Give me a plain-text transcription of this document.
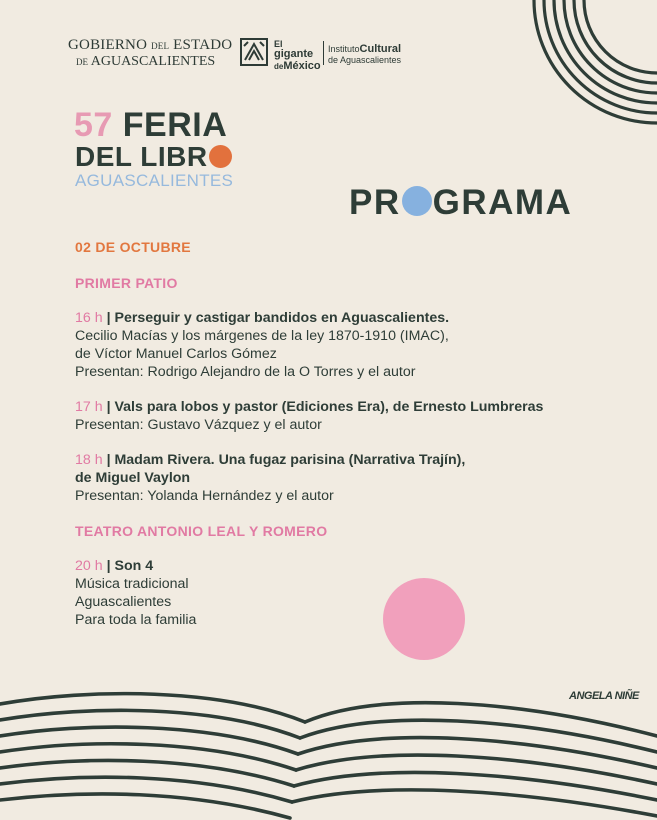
GOBIERNO DEL ESTADO
DE AGUASCALIENTES
El
gigante
deMéxico
InstitutoCultural
de Aguascalientes
57 FERIA
DEL LIBR
AGUASCALIENTES
PR GRAMA
02 DE OCTUBRE
PRIMER PATIO
16 h | Perseguir y castigar bandidos en Aguascalientes.
Cecilio Macías y los márgenes de la ley 1870-1910 (IMAC),
de Víctor Manuel Carlos Gómez
Presentan: Rodrigo Alejandro de la O Torres y el autor
17 h | Vals para lobos y pastor (Ediciones Era), de Ernesto Lumbreras
Presentan: Gustavo Vázquez y el autor
18 h | Madam Rivera. Una fugaz parisina (Narrativa Trajín),
de Miguel Vaylon
Presentan: Yolanda Hernández y el autor
TEATRO ANTONIO LEAL Y ROMERO
20 h | Son 4
Música tradicional
Aguascalientes
Para toda la familia
ANGELA NIÑE
